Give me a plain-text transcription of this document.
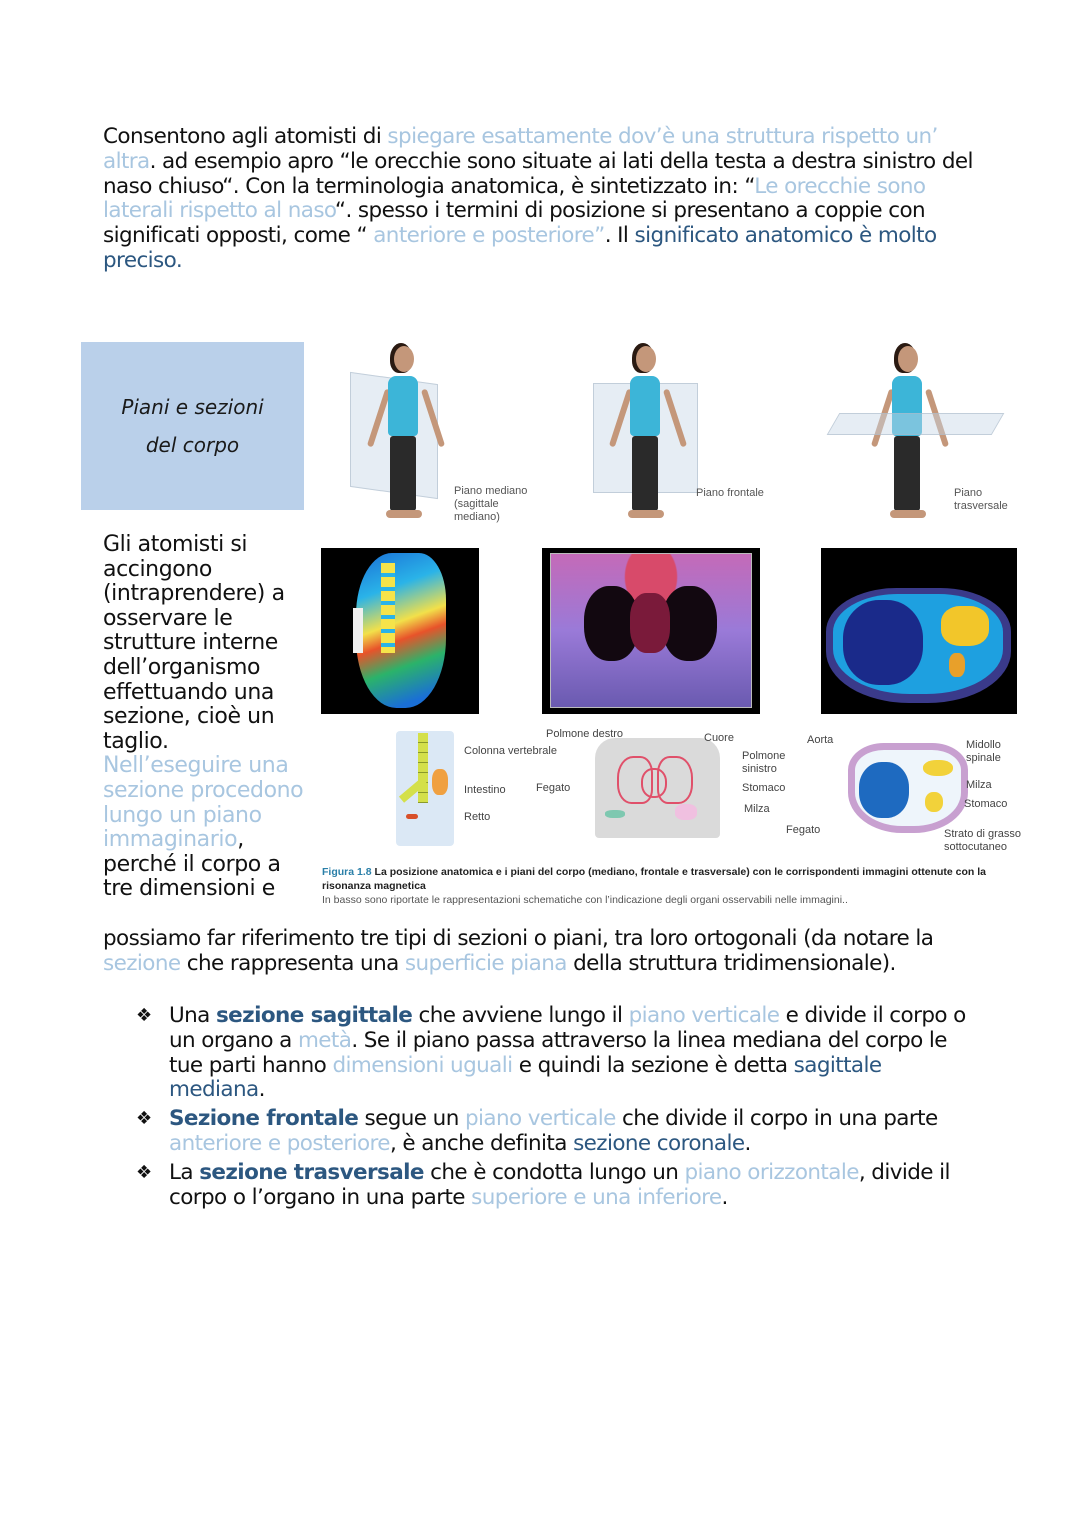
Consentono agli atomisti di spiegare esattamente dov’è una struttura rispetto un’ altra. ad esempio apro “le orecchie sono situate ai lati della testa a destra sinistro del naso chiuso“. Con la terminologia anatomica, è sintetizzato in: “Le orecchie sono laterali rispetto al naso“. spesso i termini di posizione si presentano a coppie con significati opposti, come “ anteriore e posteriore”. Il significato anatomico è molto preciso.
Piani e sezioni
del corpo
Gli atomisti si accingono (intraprendere) a osservare le strutture interne dell’organismo effettuando una sezione, cioè un taglio. Nell’eseguire una sezione procedono lungo un piano immaginario, perché il corpo a tre dimensioni e
Piano mediano (sagittale mediano)
Piano frontale	Piano trasversale
Colonna vertebrale
Intestino
Retto
Polmone destro	Cuore
Polmone sinistro
Fegato	Stomaco
Milza
Aorta	Midollo spinale
Milza
Stomaco
Fegato	Strato di grasso sottocutaneo
Figura 1.8 La posizione anatomica e i piani del corpo (mediano, frontale e trasversale) con le corrispondenti immagini ottenute con la risonanza magnetica
In basso sono riportate le rappresentazioni schematiche con l’indicazione degli organi osservabili nelle immagini..
possiamo far riferimento tre tipi di sezioni o piani, tra loro ortogonali (da notare la sezione che rappresenta una superficie piana della struttura tridimensionale).
❖ Una sezione sagittale che avviene lungo il piano verticale e divide il corpo o un organo a metà. Se il piano passa attraverso la linea mediana del corpo le tue parti hanno dimensioni uguali e quindi la sezione è detta sagittale mediana.
❖ Sezione frontale segue un piano verticale che divide il corpo in una parte anteriore e posteriore, è anche definita sezione coronale.
❖ La sezione trasversale che è condotta lungo un piano orizzontale, divide il corpo o l’organo in una parte superiore e una inferiore.
